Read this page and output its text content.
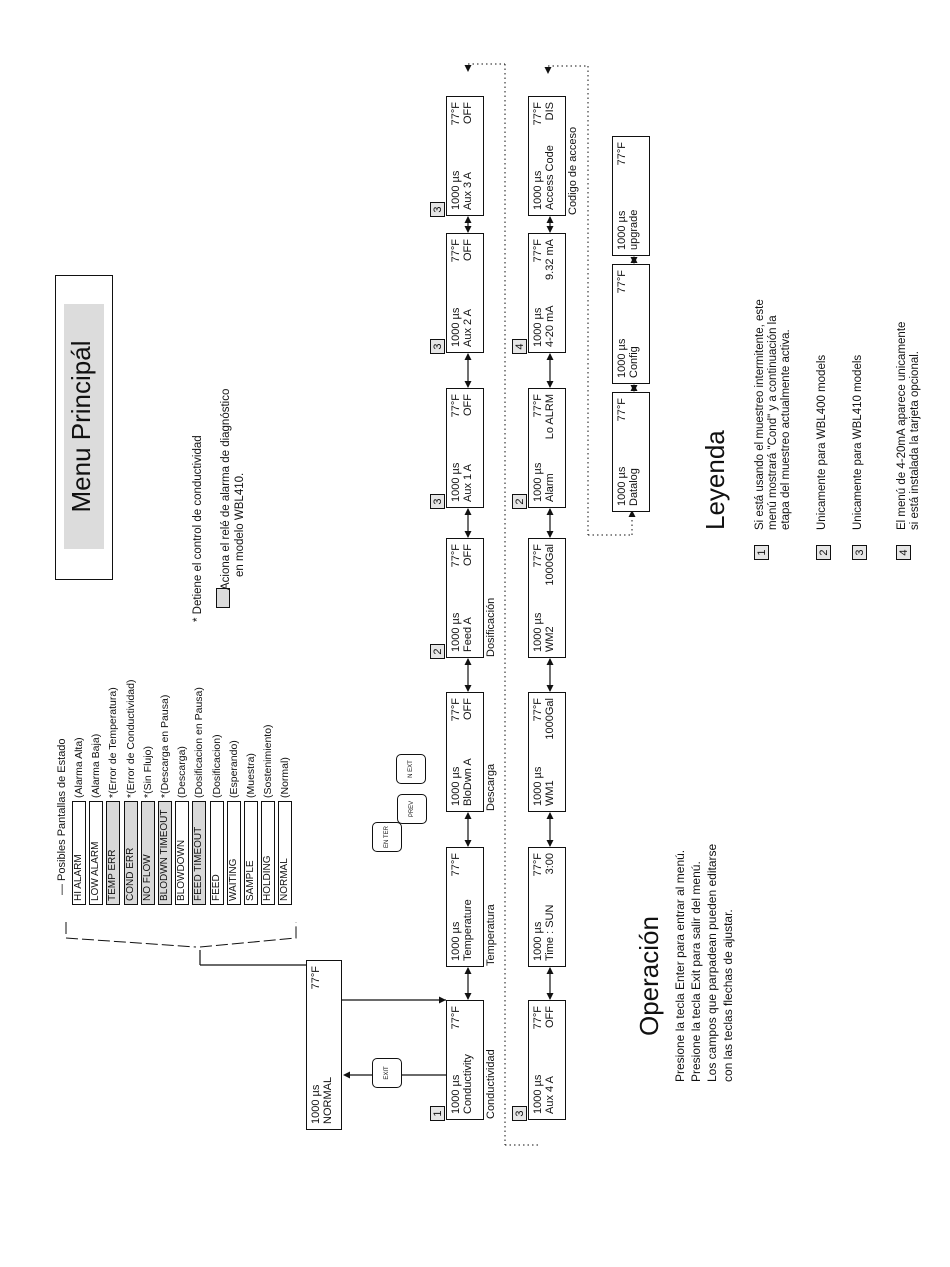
Menu Principál
— Posibles Pantallas de Estado HI ALARM
(Alarma Alta)
LOW ALARM
(Alarma Baja)
TEMP ERR
*(Error de Temperatura)
COND ERR
*(Error de Conductividad)
NO FLOW
*(Sin Flujo)
BLODWN TIMEOUT
*(Descarga en Pausa)
BLOWDOWN
(Descarga)
FEED TIMEOUT
(Dosificacion en Pausa)
FEED
(Dosificacion)
WAITING
(Esperando)
SAMPLE
(Muestra)
HOLDING
(Sostenimiento)
NORMAL
(Normal)
* Detiene el control de conductividad Aciona el relé de alarma de diagnóstico en modelo WBL410.
1000 µs
77°F
NORMAL
EN TER
EXIT
PREV
N EXT
1000 µs
77°F
Conductivity Conductividad
1
1000 µs
77°F
Temperature Temperatura
1000 µs
77°F
BloDwn A
OFF
Descarga
1000 µs
77°F
Feed A
OFF
Dosificación
2
1000 µs
77°F
Aux 1 A
OFF
3
1000 µs
77°F
Aux 2 A
OFF
3
1000 µs
77°F
Aux 3 A
OFF
3
1000 µs
77°F
Aux 4 A
OFF
3
1000 µs
77°F
Time : SUN
3:00
1000 µs
77°F
WM1
1000Gal
1000 µs
77°F
WM2
1000Gal
1000 µs
77°F
Alarm
Lo ALRM
2
1000 µs
77°F
4-20 mA
9.32 mA
4
1000 µs
77°F
Access Code
DIS
Codigo de acceso
1000 µs
77°F
Datalog
1000 µs
77°F
Config
1000 µs
77°F
upgrade
Operación Presione la tecla Enter para entrar al menú. Presione la tecla Exit para salir del menú. Los campos que parpadean pueden editarse con las teclas flechas de ajustar.
Leyenda
1
Si está usando el muestreo intermitente, este menú mostrará "Cond" y a continuación la etapa del muestreo actualmente activa.
2
Unicamente para WBL400 models
3
Unicamente para WBL410 models
4
El menú de 4-20mA aparece unicamente si está instalada la tarjeta opcional.
